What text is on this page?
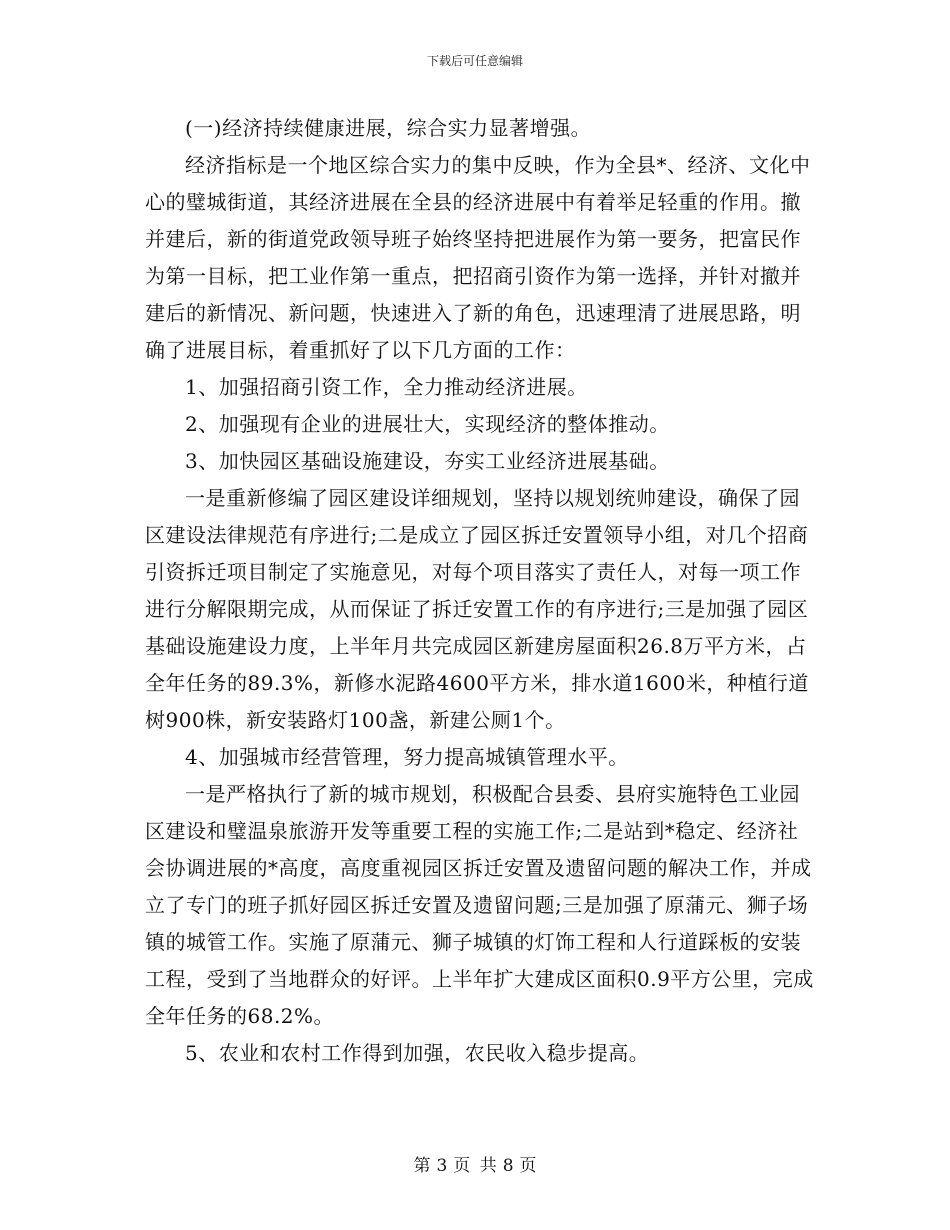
下载后可任意编辑

(一)经济持续健康进展，综合实力显著增强。

经济指标是一个地区综合实力的集中反映，作为全县*、经济、文化中心的璧城街道，其经济进展在全县的经济进展中有着举足轻重的作用。撤并建后，新的街道党政领导班子始终坚持把进展作为第一要务，把富民作为第一目标，把工业作第一重点，把招商引资作为第一选择，并针对撤并建后的新情况、新问题，快速进入了新的角色，迅速理清了进展思路，明确了进展目标，着重抓好了以下几方面的工作：

1、加强招商引资工作，全力推动经济进展。

2、加强现有企业的进展壮大，实现经济的整体推动。

3、加快园区基础设施建设，夯实工业经济进展基础。

一是重新修编了园区建设详细规划，坚持以规划统帅建设，确保了园区建设法律规范有序进行;二是成立了园区拆迁安置领导小组，对几个招商引资拆迁项目制定了实施意见，对每个项目落实了责任人，对每一项工作进行分解限期完成，从而保证了拆迁安置工作的有序进行;三是加强了园区基础设施建设力度，上半年月共完成园区新建房屋面积26.8万平方米，占全年任务的89.3%，新修水泥路4600平方米，排水道1600米，种植行道树900株，新安装路灯100盏，新建公厕1个。

4、加强城市经营管理，努力提高城镇管理水平。

一是严格执行了新的城市规划，积极配合县委、县府实施特色工业园区建设和璧温泉旅游开发等重要工程的实施工作;二是站到*稳定、经济社会协调进展的*高度，高度重视园区拆迁安置及遗留问题的解决工作，并成立了专门的班子抓好园区拆迁安置及遗留问题;三是加强了原蒲元、狮子场镇的城管工作。实施了原蒲元、狮子城镇的灯饰工程和人行道踩板的安装工程，受到了当地群众的好评。上半年扩大建成区面积0.9平方公里，完成全年任务的68.2%。

5、农业和农村工作得到加强，农民收入稳步提高。

第 3 页 共 8 页
